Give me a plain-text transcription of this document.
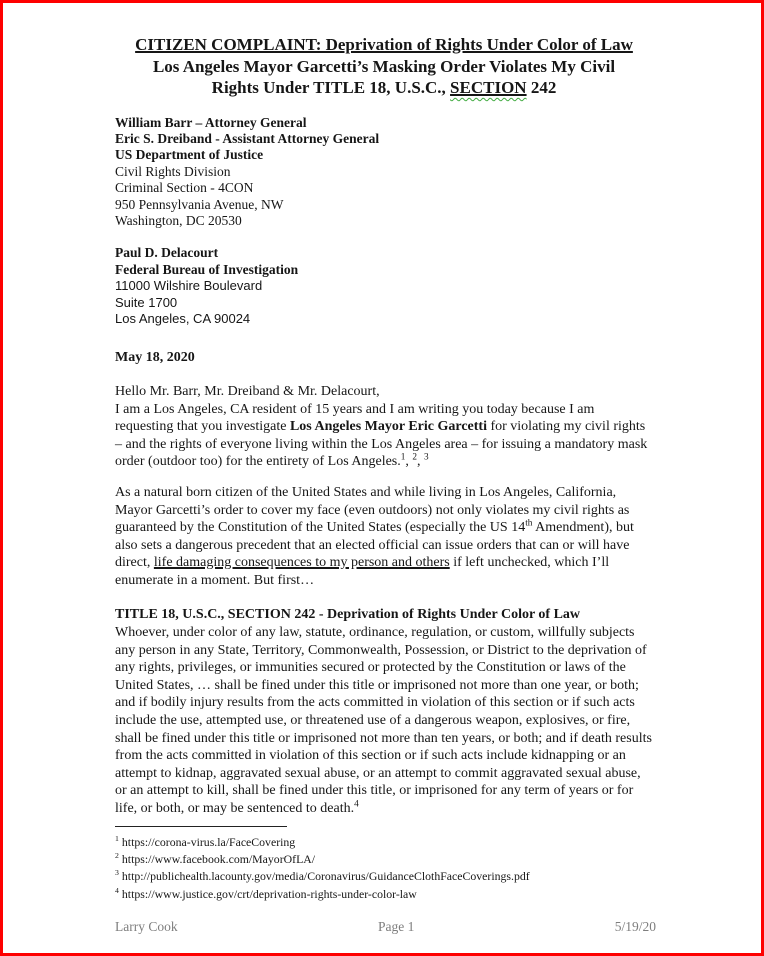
CITIZEN COMPLAINT: Deprivation of Rights Under Color of Law
Los Angeles Mayor Garcetti’s Masking Order Violates My Civil
Rights Under TITLE 18, U.S.C., SECTION 242
William Barr – Attorney General
Eric S. Dreiband - Assistant Attorney General
US Department of Justice
Civil Rights Division
Criminal Section - 4CON
950 Pennsylvania Avenue, NW
Washington, DC 20530
Paul D. Delacourt
Federal Bureau of Investigation
11000 Wilshire Boulevard
Suite 1700
Los Angeles, CA 90024
May 18, 2020
Hello Mr. Barr, Mr. Dreiband & Mr. Delacourt,
I am a Los Angeles, CA resident of 15 years and I am writing you today because I am requesting that you investigate Los Angeles Mayor Eric Garcetti for violating my civil rights – and the rights of everyone living within the Los Angeles area – for issuing a mandatory mask order (outdoor too) for the entirety of Los Angeles.$^1$, $^2$, $^3$
As a natural born citizen of the United States and while living in Los Angeles, California, Mayor Garcetti’s order to cover my face (even outdoors) not only violates my civil rights as guaranteed by the Constitution of the United States (especially the US 14th Amendment), but also sets a dangerous precedent that an elected official can issue orders that can or will have direct, life damaging consequences to my person and others if left unchecked, which I’ll enumerate in a moment. But first…
TITLE 18, U.S.C., SECTION 242 - Deprivation of Rights Under Color of Law
Whoever, under color of any law, statute, ordinance, regulation, or custom, willfully subjects any person in any State, Territory, Commonwealth, Possession, or District to the deprivation of any rights, privileges, or immunities secured or protected by the Constitution or laws of the United States, … shall be fined under this title or imprisoned not more than one year, or both; and if bodily injury results from the acts committed in violation of this section or if such acts include the use, attempted use, or threatened use of a dangerous weapon, explosives, or fire, shall be fined under this title or imprisoned not more than ten years, or both; and if death results from the acts committed in violation of this section or if such acts include kidnapping or an attempt to kidnap, aggravated sexual abuse, or an attempt to commit aggravated sexual abuse, or an attempt to kill, shall be fined under this title, or imprisoned for any term of years or for life, or both, or may be sentenced to death.$^4$
$^1$ https://corona-virus.la/FaceCovering
$^2$ https://www.facebook.com/MayorOfLA/
$^3$ http://publichealth.lacounty.gov/media/Coronavirus/GuidanceClothFaceCoverings.pdf
$^4$ https://www.justice.gov/crt/deprivation-rights-under-color-law
Larry Cook	Page 1	5/19/20
